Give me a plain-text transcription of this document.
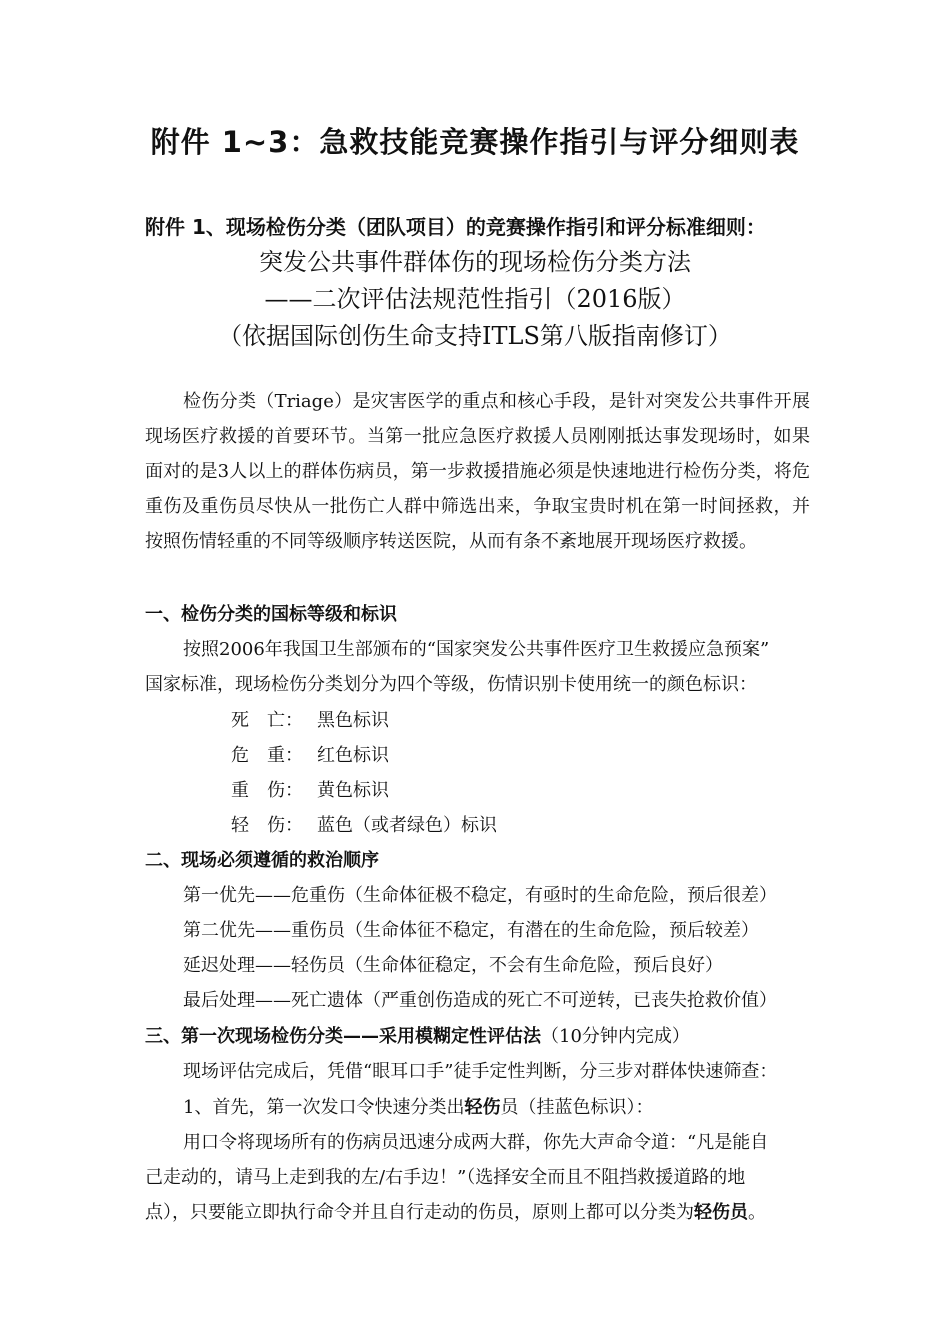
附件 1~3：急救技能竞赛操作指引与评分细则表
附件 1、现场检伤分类（团队项目）的竞赛操作指引和评分标准细则：
突发公共事件群体伤的现场检伤分类方法
——二次评估法规范性指引（2016版）
（依据国际创伤生命支持ITLS第八版指南修订）
检伤分类（Triage）是灾害医学的重点和核心手段，是针对突发公共事件开展现场医疗救援的首要环节。当第一批应急医疗救援人员刚刚抵达事发现场时，如果面对的是3人以上的群体伤病员，第一步救援措施必须是快速地进行检伤分类，将危重伤及重伤员尽快从一批伤亡人群中筛选出来，争取宝贵时机在第一时间拯救，并按照伤情轻重的不同等级顺序转送医院，从而有条不紊地展开现场医疗救援。
一、检伤分类的国标等级和标识
按照2006年我国卫生部颁布的“国家突发公共事件医疗卫生救援应急预案”
国家标准，现场检伤分类划分为四个等级，伤情识别卡使用统一的颜色标识：
死　亡： 黑色标识
危　重： 红色标识
重　伤： 黄色标识
轻　伤： 蓝色（或者绿色）标识
二、现场必须遵循的救治顺序
第一优先——危重伤（生命体征极不稳定，有亟时的生命危险，预后很差）
第二优先——重伤员（生命体征不稳定，有潜在的生命危险，预后较差）
延迟处理——轻伤员（生命体征稳定，不会有生命危险，预后良好）
最后处理——死亡遗体（严重创伤造成的死亡不可逆转，已丧失抢救价值）
三、第一次现场检伤分类——采用模糊定性评估法（10分钟内完成）
现场评估完成后，凭借“眼耳口手”徒手定性判断，分三步对群体快速筛查：
1、首先，第一次发口令快速分类出轻伤员（挂蓝色标识）：
用口令将现场所有的伤病员迅速分成两大群，你先大声命令道：“凡是能自
己走动的，请马上走到我的左/右手边！”（选择安全而且不阻挡救援道路的地
点），只要能立即执行命令并且自行走动的伤员，原则上都可以分类为轻伤员。
